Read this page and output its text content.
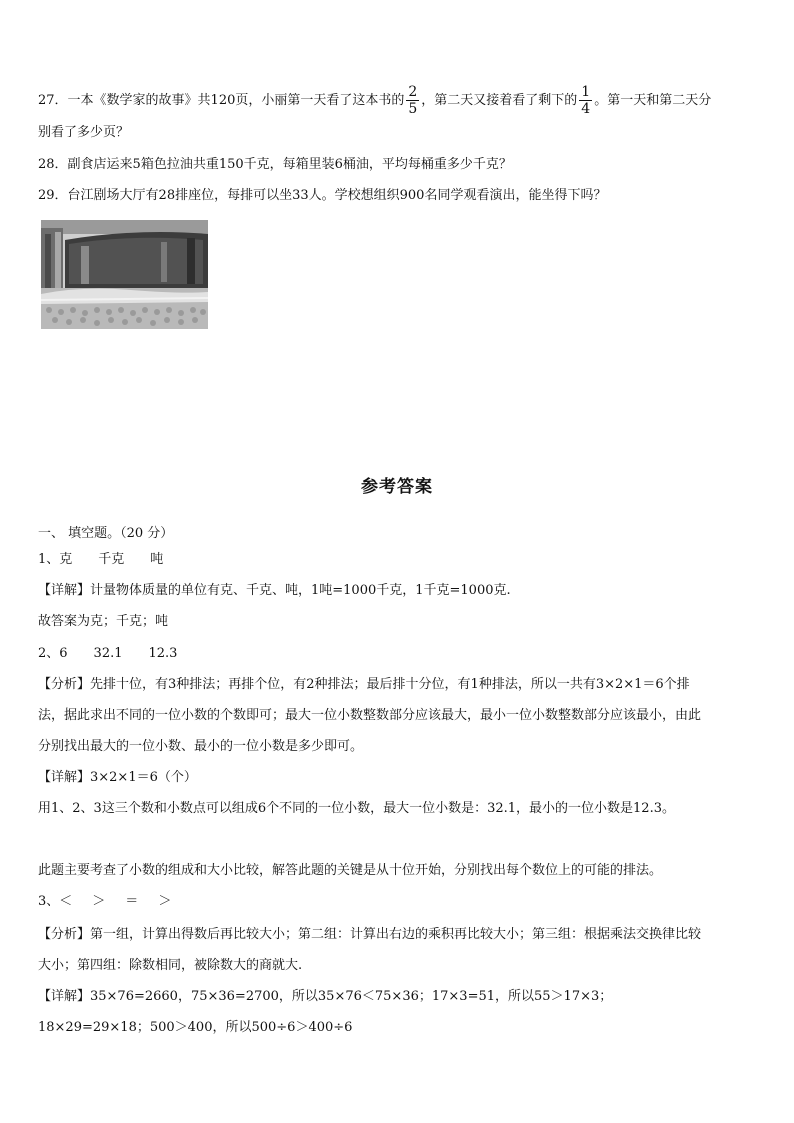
27．一本《数学家的故事》共120页，小丽第一天看了这本书的 $\frac{2}{5}$ ，第二天又接着看了剩下的 $\frac{1}{4}$ 。第一天和第二天分
别看了多少页？
28．副食店运来5箱色拉油共重150千克，每箱里装6桶油，平均每桶重多少千克？
29．台江剧场大厅有28排座位，每排可以坐33人。学校想组织900名同学观看演出，能坐得下吗？
参考答案
一、 填空题。（20 分）
1、克 千克 吨
【详解】计量物体质量的单位有克、千克、吨，1吨=1000千克，1千克=1000克.
故答案为克；千克；吨
2、6 32.1 12.3
【分析】先排十位，有3种排法；再排个位，有2种排法；最后排十分位，有1种排法，所以一共有3×2×1＝6个排
法，据此求出不同的一位小数的个数即可；最大一位小数整数部分应该最大，最小一位小数整数部分应该最小，由此
分别找出最大的一位小数、最小的一位小数是多少即可。
【详解】3×2×1＝6（个）
用1、2、3这三个数和小数点可以组成6个不同的一位小数，最大一位小数是：32.1，最小的一位小数是12.3。
此题主要考查了小数的组成和大小比较，解答此题的关键是从十位开始，分别找出每个数位上的可能的排法。
3、＜ ＞ ＝ ＞
【分析】第一组，计算出得数后再比较大小；第二组：计算出右边的乘积再比较大小；第三组：根据乘法交换律比较
大小；第四组：除数相同，被除数大的商就大.
【详解】35×76=2660，75×36=2700，所以35×76＜75×36；17×3=51，所以55＞17×3；
18×29=29×18；500＞400，所以500÷6＞400÷6
